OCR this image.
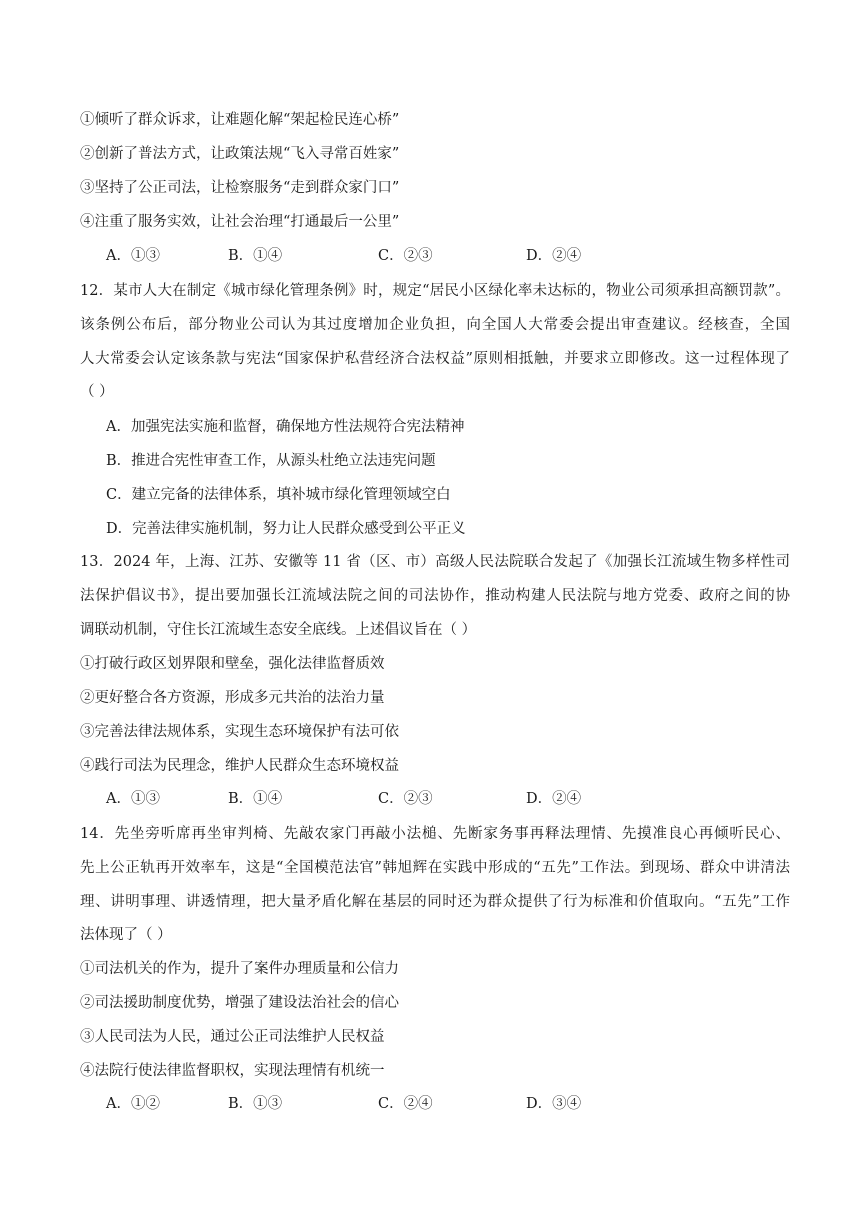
①倾听了群众诉求，让难题化解“架起检民连心桥”
②创新了普法方式，让政策法规“飞入寻常百姓家”
③坚持了公正司法，让检察服务“走到群众家门口”
④注重了服务实效，让社会治理“打通最后一公里”
A．①③	B．①④	C．②③	D．②④
12．某市人大在制定《城市绿化管理条例》时，规定“居民小区绿化率未达标的，物业公司须承担高额罚款”。
该条例公布后，部分物业公司认为其过度增加企业负担，向全国人大常委会提出审查建议。经核查，全国
人大常委会认定该条款与宪法“国家保护私营经济合法权益”原则相抵触，并要求立即修改。这一过程体现了
（ ）
A．加强宪法实施和监督，确保地方性法规符合宪法精神
B．推进合宪性审查工作，从源头杜绝立法违宪问题
C．建立完备的法律体系，填补城市绿化管理领域空白
D．完善法律实施机制，努力让人民群众感受到公平正义
13．2024 年，上海、江苏、安徽等 11 省（区、市）高级人民法院联合发起了《加强长江流域生物多样性司
法保护倡议书》，提出要加强长江流域法院之间的司法协作，推动构建人民法院与地方党委、政府之间的协
调联动机制，守住长江流域生态安全底线。上述倡议旨在（ ）
①打破行政区划界限和壁垒，强化法律监督质效
②更好整合各方资源，形成多元共治的法治力量
③完善法律法规体系，实现生态环境保护有法可依
④践行司法为民理念，维护人民群众生态环境权益
A．①③	B．①④	C．②③	D．②④
14．先坐旁听席再坐审判椅、先敲农家门再敲小法槌、先断家务事再释法理情、先摸准良心再倾听民心、
先上公正轨再开效率车，这是“全国模范法官”韩旭辉在实践中形成的“五先”工作法。到现场、群众中讲清法
理、讲明事理、讲透情理，把大量矛盾化解在基层的同时还为群众提供了行为标准和价值取向。“五先”工作
法体现了（ ）
①司法机关的作为，提升了案件办理质量和公信力
②司法援助制度优势，增强了建设法治社会的信心
③人民司法为人民，通过公正司法维护人民权益
④法院行使法律监督职权，实现法理情有机统一
A．①②	B．①③	C．②④	D．③④
